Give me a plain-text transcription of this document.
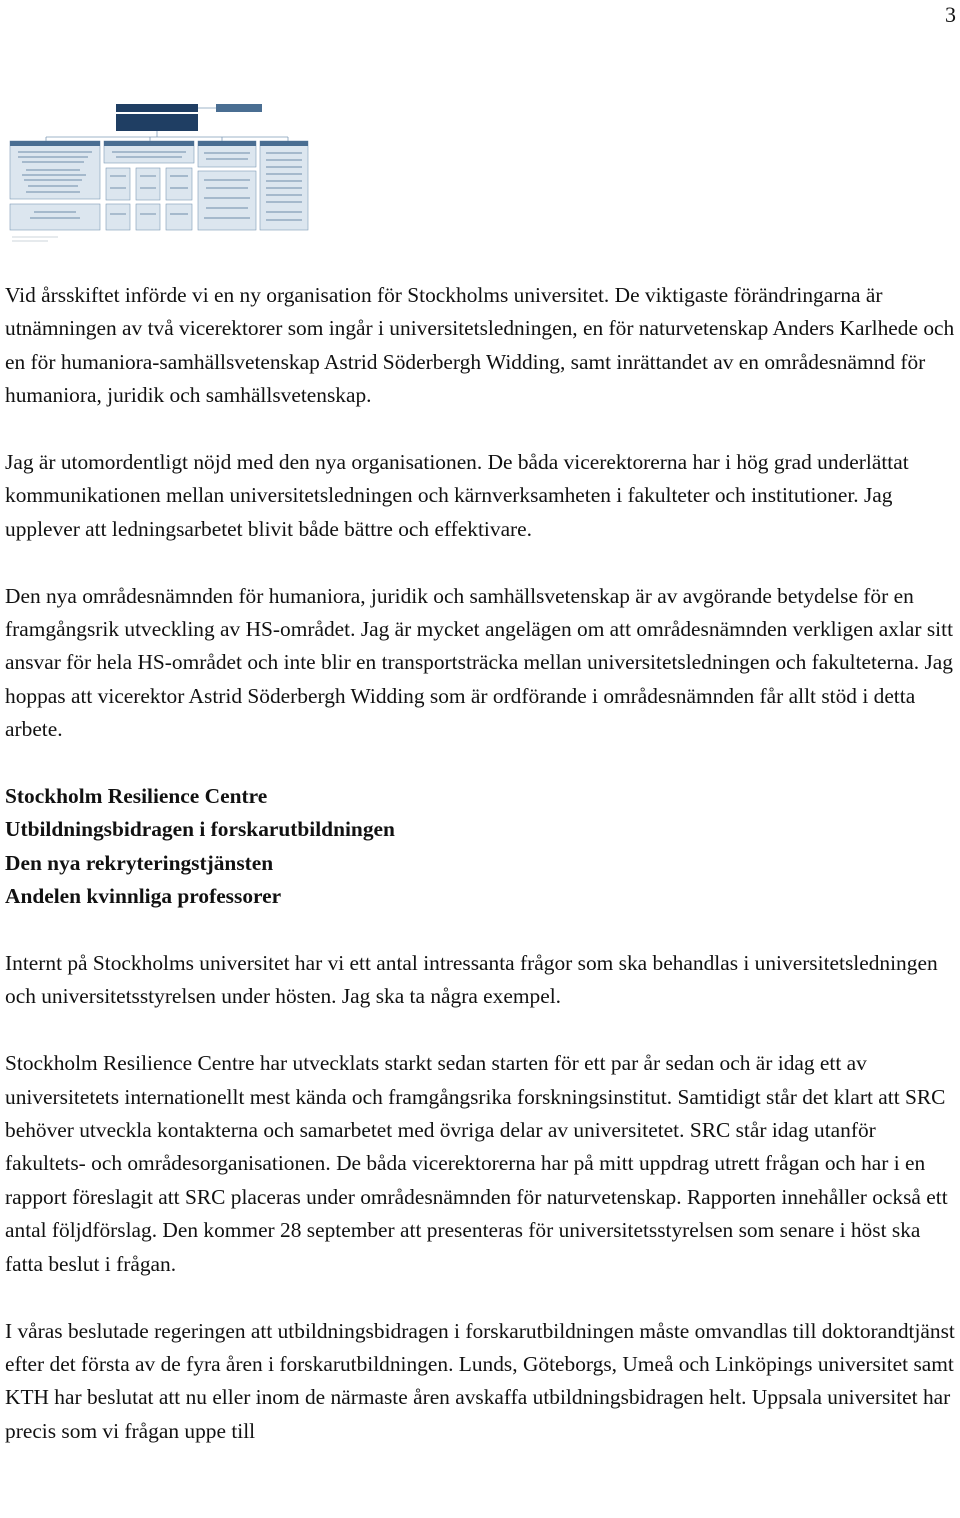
3

Vid årsskiftet införde vi en ny organisation för Stockholms universitet. De viktigaste förändringarna är utnämningen av två vicerektorer som ingår i universitetsledningen, en för naturvetenskap Anders Karlhede och en för humaniora-samhällsvetenskap Astrid Söderbergh Widding, samt inrättandet av en områdesnämnd för humaniora, juridik och samhällsvetenskap.

Jag är utomordentligt nöjd med den nya organisationen. De båda vicerektorerna har i hög grad underlättat kommunikationen mellan universitetsledningen och kärnverksamheten i fakulteter och institutioner. Jag upplever att ledningsarbetet blivit både bättre och effektivare.

Den nya områdesnämnden för humaniora, juridik och samhällsvetenskap är av avgörande betydelse för en framgångsrik utveckling av HS-området. Jag är mycket angelägen om att områdesnämnden verkligen axlar sitt ansvar för hela HS-området och inte blir en transportsträcka mellan universitetsledningen och fakulteterna. Jag hoppas att vicerektor Astrid Söderbergh Widding som är ordförande i områdesnämnden får allt stöd i detta arbete.

Stockholm Resilience Centre
Utbildningsbidragen i forskarutbildningen
Den nya rekryteringstjänsten
Andelen kvinnliga professorer

Internt på Stockholms universitet har vi ett antal intressanta frågor som ska behandlas i universitetsledningen och universitetsstyrelsen under hösten. Jag ska ta några exempel.

Stockholm Resilience Centre har utvecklats starkt sedan starten för ett par år sedan och är idag ett av universitetets internationellt mest kända och framgångsrika forskningsinstitut. Samtidigt står det klart att SRC behöver utveckla kontakterna och samarbetet med övriga delar av universitetet. SRC står idag utanför fakultets- och områdesorganisationen. De båda vicerektorerna har på mitt uppdrag utrett frågan och har i en rapport föreslagit att SRC placeras under områdesnämnden för naturvetenskap. Rapporten innehåller också ett antal följdförslag. Den kommer 28 september att presenteras för universitetsstyrelsen som senare i höst ska fatta beslut i frågan.

I våras beslutade regeringen att utbildningsbidragen i forskarutbildningen måste omvandlas till doktorandtjänst efter det första av de fyra åren i forskarutbildningen. Lunds, Göteborgs, Umeå och Linköpings universitet samt KTH har beslutat att nu eller inom de närmaste åren avskaffa utbildningsbidragen helt. Uppsala universitet har precis som vi frågan uppe till
